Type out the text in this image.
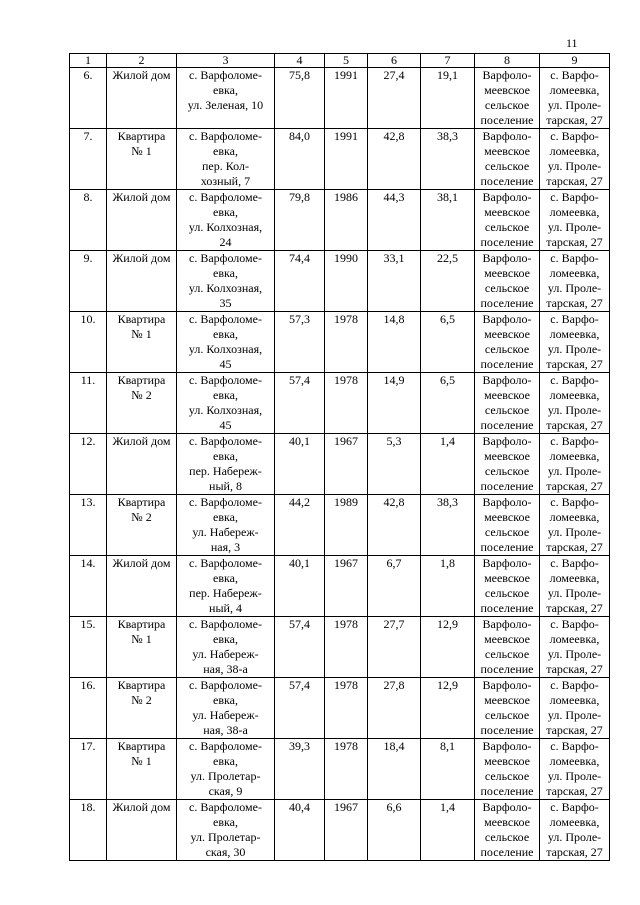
11
1	2	3	4	5	6	7	8	9
6.	Жилой дом	с. Варфоломе-
евка,
ул. Зеленая, 10	75,8	1991	27,4	19,1	Варфоло-
меевское
сельское
поселение	с. Варфо-
ломеевка,
ул. Проле-
тарская, 27
7.	Квартира
№ 1	с. Варфоломе-
евка,
пер. Кол-
хозный, 7	84,0	1991	42,8	38,3	Варфоло-
меевское
сельское
поселение	с. Варфо-
ломеевка,
ул. Проле-
тарская, 27
8.	Жилой дом	с. Варфоломе-
евка,
ул. Колхозная,
24	79,8	1986	44,3	38,1	Варфоло-
меевское
сельское
поселение	с. Варфо-
ломеевка,
ул. Проле-
тарская, 27
9.	Жилой дом	с. Варфоломе-
евка,
ул. Колхозная,
35	74,4	1990	33,1	22,5	Варфоло-
меевское
сельское
поселение	с. Варфо-
ломеевка,
ул. Проле-
тарская, 27
10.	Квартира
№ 1	с. Варфоломе-
евка,
ул. Колхозная,
45	57,3	1978	14,8	6,5	Варфоло-
меевское
сельское
поселение	с. Варфо-
ломеевка,
ул. Проле-
тарская, 27
11.	Квартира
№ 2	с. Варфоломе-
евка,
ул. Колхозная,
45	57,4	1978	14,9	6,5	Варфоло-
меевское
сельское
поселение	с. Варфо-
ломеевка,
ул. Проле-
тарская, 27
12.	Жилой дом	с. Варфоломе-
евка,
пер. Набереж-
ный, 8	40,1	1967	5,3	1,4	Варфоло-
меевское
сельское
поселение	с. Варфо-
ломеевка,
ул. Проле-
тарская, 27
13.	Квартира
№ 2	с. Варфоломе-
евка,
ул. Набереж-
ная, 3	44,2	1989	42,8	38,3	Варфоло-
меевское
сельское
поселение	с. Варфо-
ломеевка,
ул. Проле-
тарская, 27
14.	Жилой дом	с. Варфоломе-
евка,
пер. Набереж-
ный, 4	40,1	1967	6,7	1,8	Варфоло-
меевское
сельское
поселение	с. Варфо-
ломеевка,
ул. Проле-
тарская, 27
15.	Квартира
№ 1	с. Варфоломе-
евка,
ул. Набереж-
ная, 38-а	57,4	1978	27,7	12,9	Варфоло-
меевское
сельское
поселение	с. Варфо-
ломеевка,
ул. Проле-
тарская, 27
16.	Квартира
№ 2	с. Варфоломе-
евка,
ул. Набереж-
ная, 38-а	57,4	1978	27,8	12,9	Варфоло-
меевское
сельское
поселение	с. Варфо-
ломеевка,
ул. Проле-
тарская, 27
17.	Квартира
№ 1	с. Варфоломе-
евка,
ул. Пролетар-
ская, 9	39,3	1978	18,4	8,1	Варфоло-
меевское
сельское
поселение	с. Варфо-
ломеевка,
ул. Проле-
тарская, 27
18.	Жилой дом	с. Варфоломе-
евка,
ул. Пролетар-
ская, 30	40,4	1967	6,6	1,4	Варфоло-
меевское
сельское
поселение	с. Варфо-
ломеевка,
ул. Проле-
тарская, 27
